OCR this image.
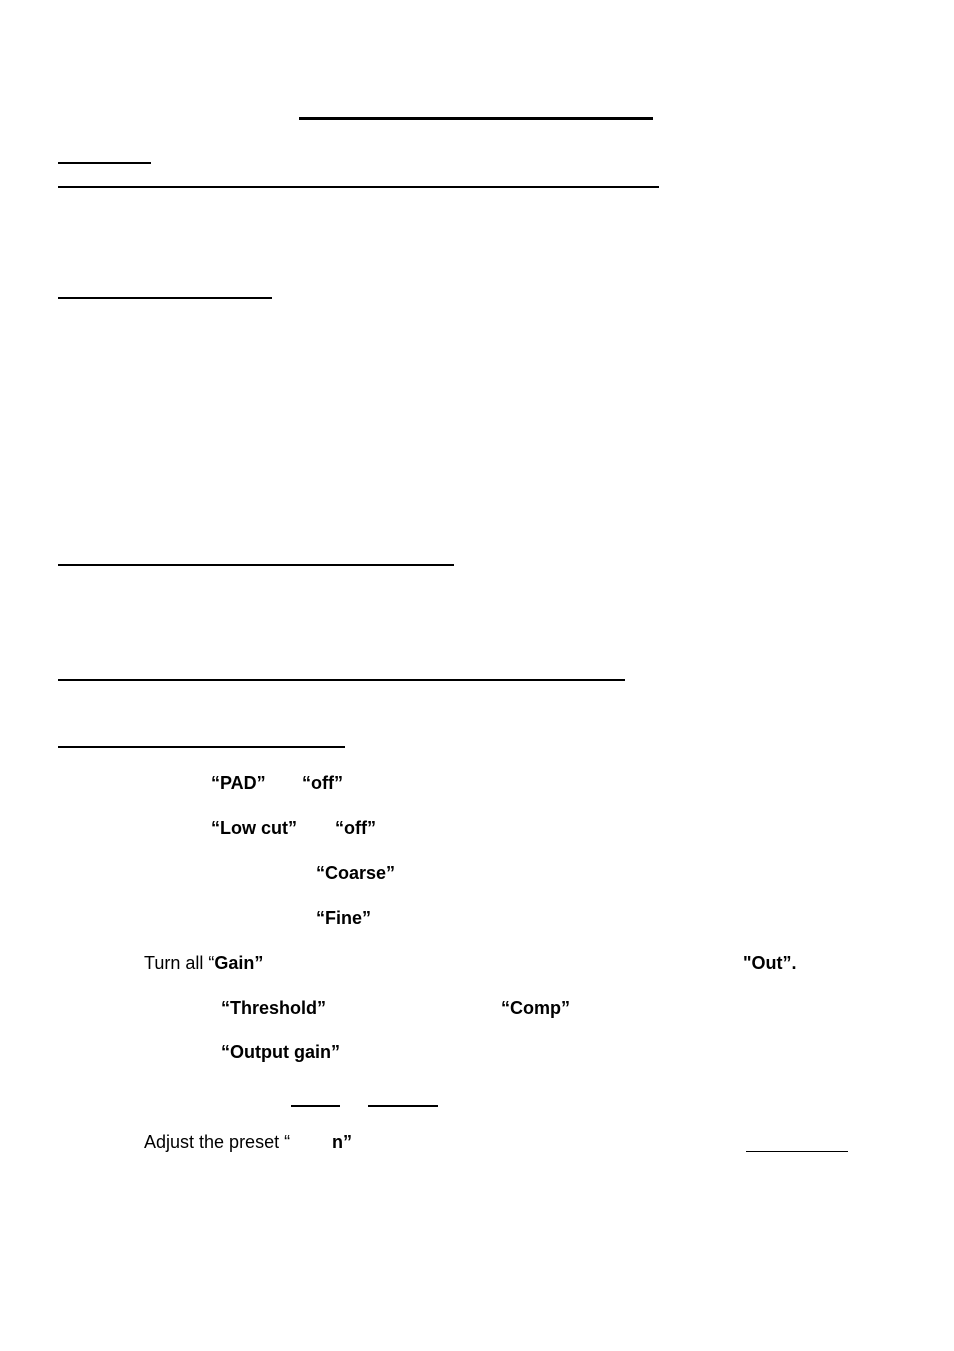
“PAD” “off”
“Low cut” “off”
“Coarse”
“Fine”
Turn all “Gain”	"Out”.
“Threshold”	“Comp”
“Output gain”
Adjust the preset “ n”
